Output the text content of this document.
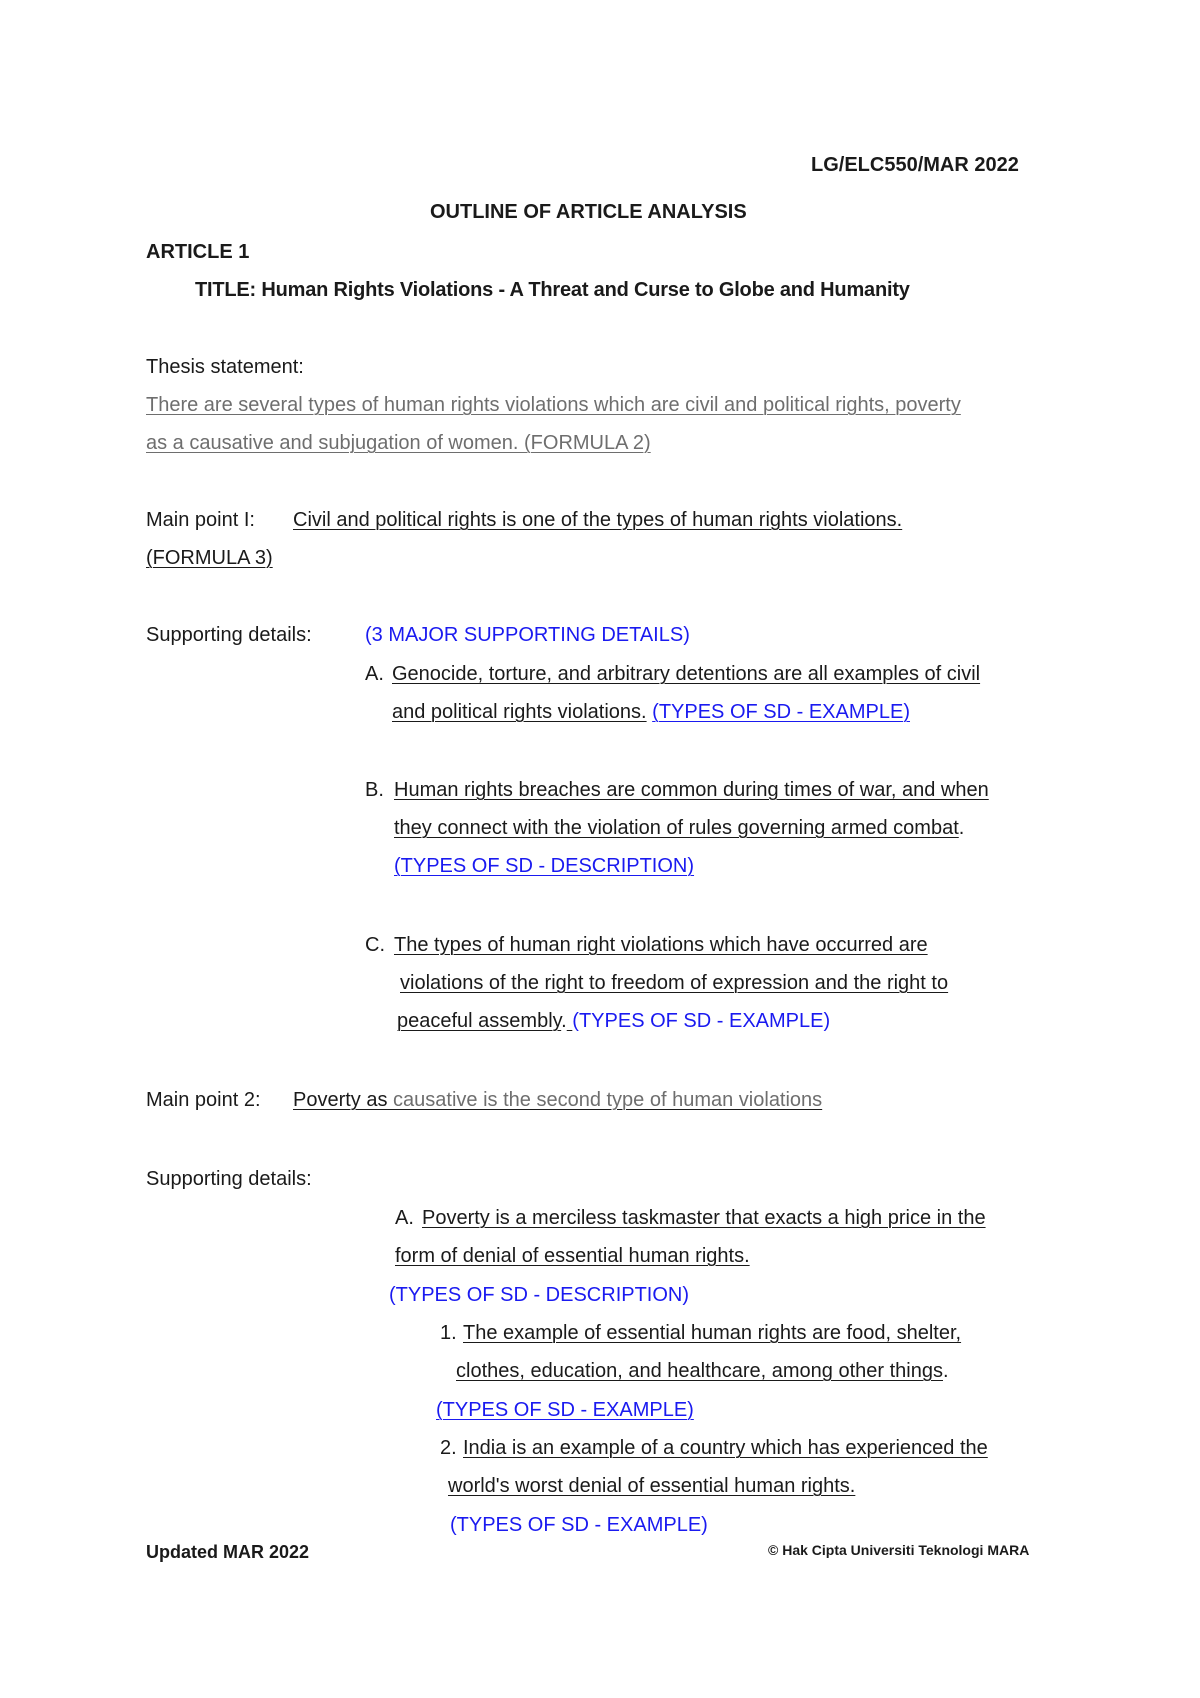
LG/ELC550/MAR 2022
OUTLINE OF ARTICLE ANALYSIS
ARTICLE 1
TITLE: Human Rights Violations - A Threat and Curse to Globe and Humanity
Thesis statement:
There are several types of human rights violations which are civil and political rights, poverty
as a causative and subjugation of women. (FORMULA 2)
Main point I: Civil and political rights is one of the types of human rights violations.
(FORMULA 3)
Supporting details:	(3 MAJOR SUPPORTING DETAILS)
A. Genocide, torture, and arbitrary detentions are all examples of civil
and political rights violations. (TYPES OF SD - EXAMPLE)
B. Human rights breaches are common during times of war, and when
they connect with the violation of rules governing armed combat.
(TYPES OF SD - DESCRIPTION)
C. The types of human right violations which have occurred are
violations of the right to freedom of expression and the right to
peaceful assembly. (TYPES OF SD - EXAMPLE)
Main point 2: Poverty as causative is the second type of human violations
Supporting details:
A. Poverty is a merciless taskmaster that exacts a high price in the
form of denial of essential human rights.
(TYPES OF SD - DESCRIPTION)
1. The example of essential human rights are food, shelter,
clothes, education, and healthcare, among other things.
(TYPES OF SD - EXAMPLE)
2. India is an example of a country which has experienced the
world's worst denial of essential human rights.
(TYPES OF SD - EXAMPLE)
Updated MAR 2022	© Hak Cipta Universiti Teknologi MARA
